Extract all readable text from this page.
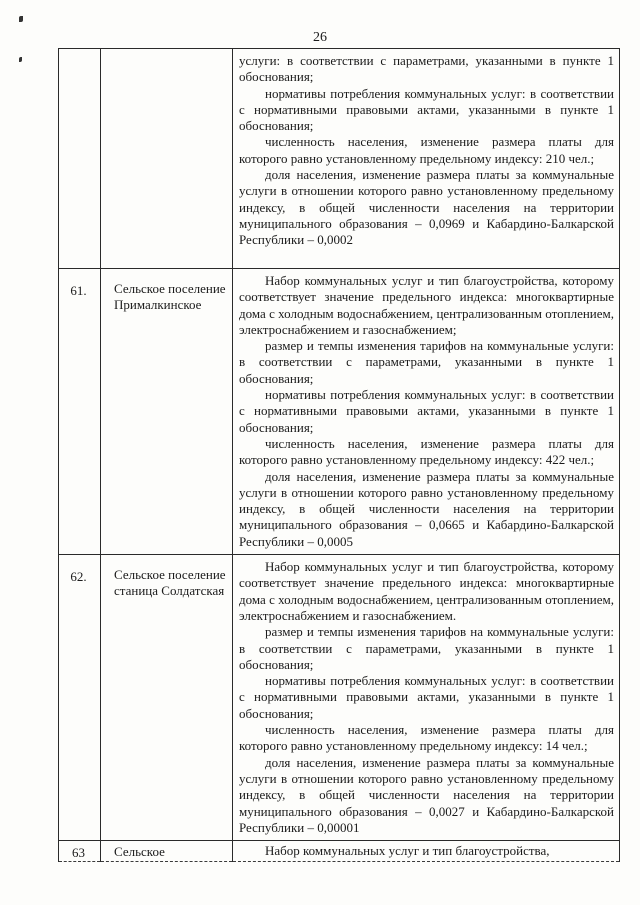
26

		услуги: в соответствии с параметрами, указанными в пункте 1 обоснования;

нормативы потребления коммунальных услуг: в соответствии с нормативными правовыми актами, указанными в пункте 1 обоснования;

численность населения, изменение размера платы для которого равно установленному предельному индексу: 210 чел.;

доля населения, изменение размера платы за коммунальные услуги в отношении которого равно установленному предельному индексу, в общей численности населения на территории муниципального образования – 0,0969 и Кабардино-Балкарской Республики – 0,0002

61.	Сельское поселение Прималкинское	Набор коммунальных услуг и тип благоустройства, которому соответствует значение предельного индекса: многоквартирные дома с холодным водоснабжением, централизованным отоплением, электроснабжением и газоснабжением;

размер и темпы изменения тарифов на коммунальные услуги: в соответствии с параметрами, указанными в пункте 1 обоснования;

нормативы потребления коммунальных услуг: в соответствии с нормативными правовыми актами, указанными в пункте 1 обоснования;

численность населения, изменение размера платы для которого равно установленному предельному индексу: 422 чел.;

доля населения, изменение размера платы за коммунальные услуги в отношении которого равно установленному предельному индексу, в общей численности населения на территории муниципального образования – 0,0665 и Кабардино-Балкарской Республики – 0,0005

62.	Сельское поселение станица Солдатская	Набор коммунальных услуг и тип благоустройства, которому соответствует значение предельного индекса: многоквартирные дома с холодным водоснабжением, централизованным отоплением, электроснабжением и газоснабжением.

размер и темпы изменения тарифов на коммунальные услуги: в соответствии с параметрами, указанными в пункте 1 обоснования;

нормативы потребления коммунальных услуг: в соответствии с нормативными правовыми актами, указанными в пункте 1 обоснования;

численность населения, изменение размера платы для которого равно установленному предельному индексу: 14 чел.;

доля населения, изменение размера платы за коммунальные услуги в отношении которого равно установленному предельному индексу, в общей численности населения на территории муниципального образования – 0,0027 и Кабардино-Балкарской Республики – 0,00001

63	Сельское	Набор коммунальных услуг и тип благоустройства,
